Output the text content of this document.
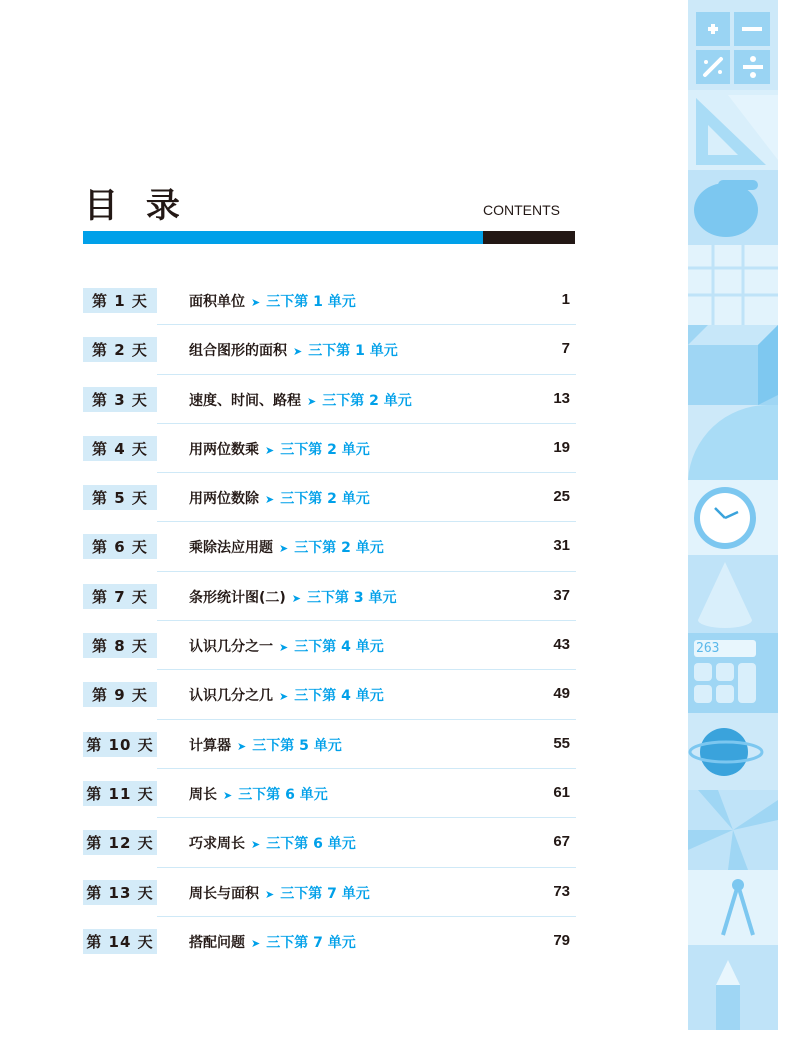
目 录	CONTENTS
第 1 天	面积单位 ➤ 三下第 1 单元	1
第 2 天	组合图形的面积 ➤ 三下第 1 单元	7
第 3 天	速度、时间、路程 ➤ 三下第 2 单元	13
第 4 天	用两位数乘 ➤ 三下第 2 单元	19
第 5 天	用两位数除 ➤ 三下第 2 单元	25
第 6 天	乘除法应用题 ➤ 三下第 2 单元	31
第 7 天	条形统计图(二) ➤ 三下第 3 单元	37
第 8 天	认识几分之一 ➤ 三下第 4 单元	43
第 9 天	认识几分之几 ➤ 三下第 4 单元	49
第 10 天	计算器 ➤ 三下第 5 单元	55
第 11 天	周长 ➤ 三下第 6 单元	61
第 12 天	巧求周长 ➤ 三下第 6 单元	67
第 13 天	周长与面积 ➤ 三下第 7 单元	73
第 14 天	搭配问题 ➤ 三下第 7 单元	79
263
